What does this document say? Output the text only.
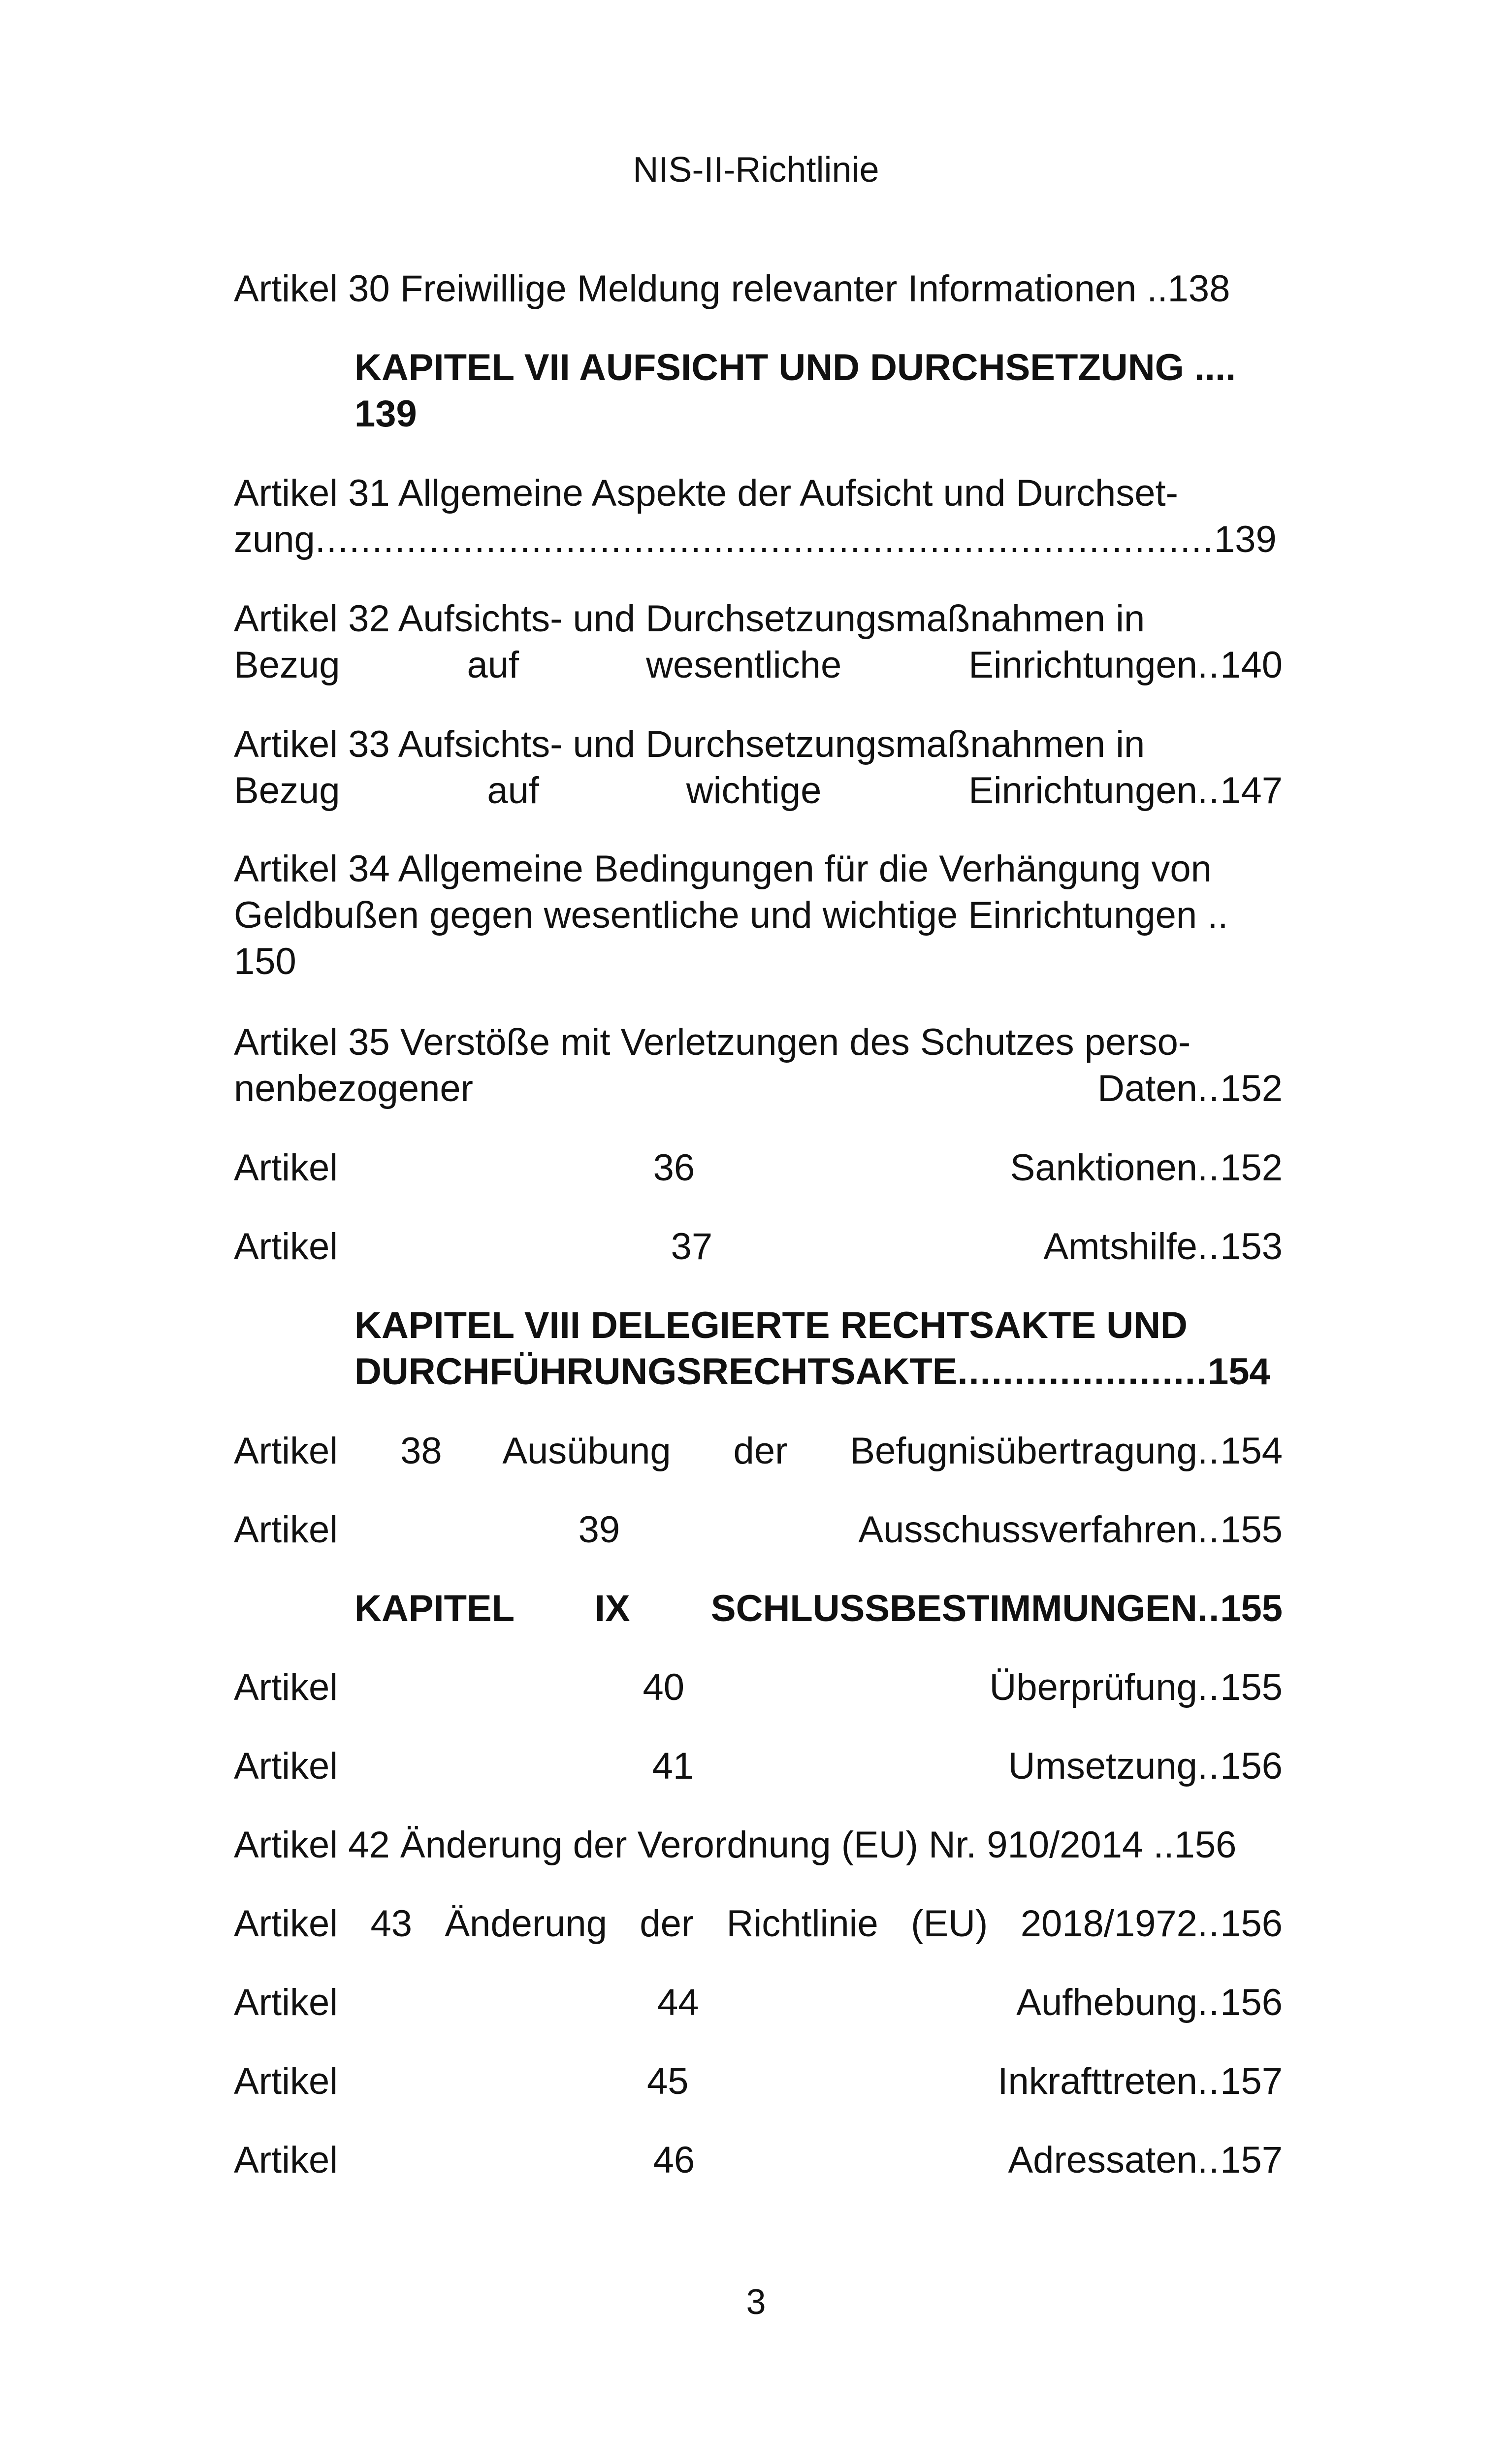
NIS-II-Richtlinie
Artikel 30 Freiwillige Meldung relevanter Informationen ..138
KAPITEL VII AUFSICHT UND DURCHSETZUNG ....
139
Artikel 31 Allgemeine Aspekte der Aufsicht und Durchset-
zung...............................................................................139
Artikel 32 Aufsichts- und Durchsetzungsmaßnahmen in
Bezug auf wesentliche Einrichtungen..140
Artikel 33 Aufsichts- und Durchsetzungsmaßnahmen in
Bezug auf wichtige Einrichtungen..147
Artikel 34 Allgemeine Bedingungen für die Verhängung von
Geldbußen gegen wesentliche und wichtige Einrichtungen ..
150
Artikel 35 Verstöße mit Verletzungen des Schutzes perso-
nenbezogener Daten..152
Artikel 36 Sanktionen..152
Artikel 37 Amtshilfe..153
KAPITEL VIII DELEGIERTE RECHTSAKTE UND
DURCHFÜHRUNGSRECHTSAKTE......................154
Artikel 38 Ausübung der Befugnisübertragung..154
Artikel 39 Ausschussverfahren..155
KAPITEL IX SCHLUSSBESTIMMUNGEN..155
Artikel 40 Überprüfung..155
Artikel 41 Umsetzung..156
Artikel 42 Änderung der Verordnung (EU) Nr. 910/2014 ..156
Artikel 43 Änderung der Richtlinie (EU) 2018/1972..156
Artikel 44 Aufhebung..156
Artikel 45 Inkrafttreten..157
Artikel 46 Adressaten..157
3
